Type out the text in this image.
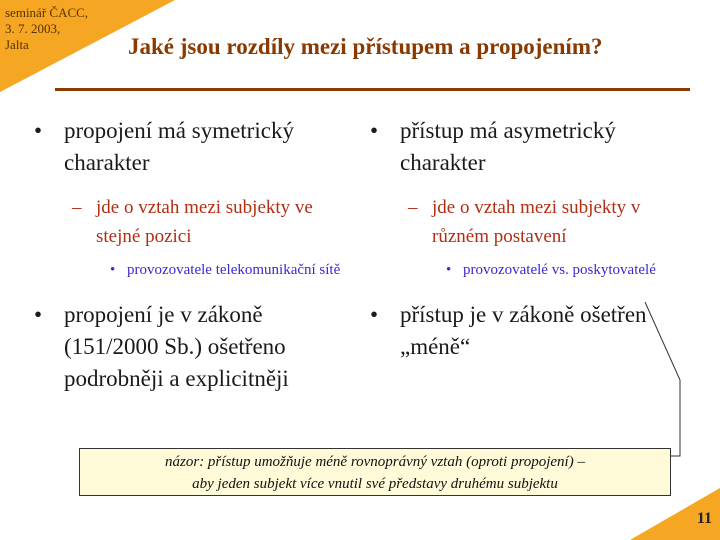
seminář ČACC,
3. 7. 2003,
Jalta	Jaké jsou rozdíly mezi přístupem a propojením?
• propojení má symetrický charakter
– jde o vztah mezi subjekty ve stejné pozici
• provozovatele telekomunikační sítě
• propojení je v zákoně (151/2000 Sb.) ošetřeno podrobněji a explicitněji
• přístup má asymetrický charakter
– jde o vztah mezi subjekty v různém postavení
• provozovatelé vs. poskytovatelé
• přístup je v zákoně ošetřen „méně“
názor: přístup umožňuje méně rovnoprávný vztah (oproti propojení) –
aby jeden subjekt více vnutil své představy druhému subjektu
11
